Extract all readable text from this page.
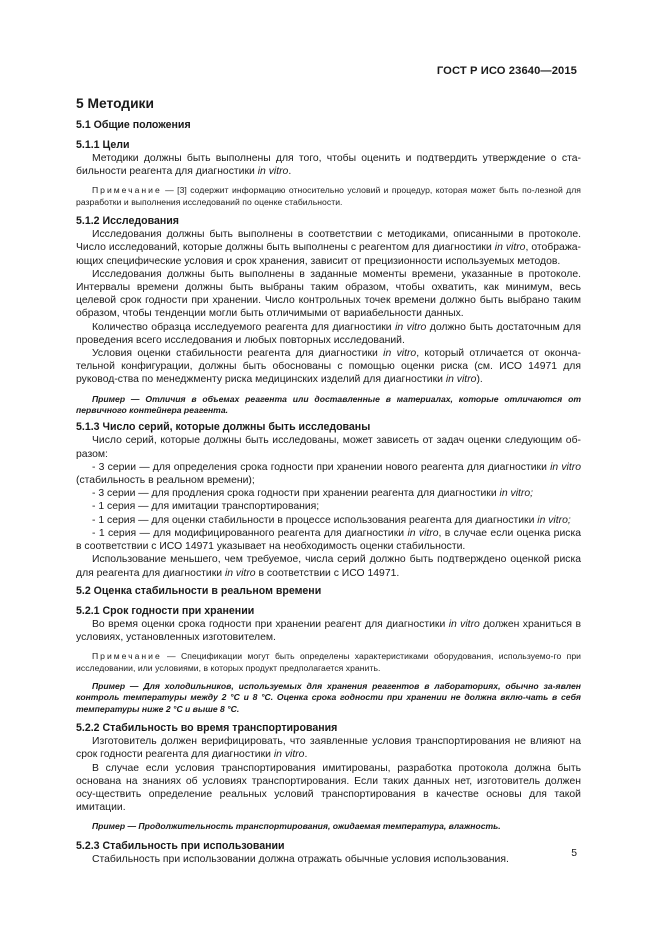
ГОСТ Р ИСО 23640—2015
5 Методики
5.1 Общие положения
5.1.1 Цели

Методики должны быть выполнены для того, чтобы оценить и подтвердить утверждение о ста-бильности реагента для диагностики in vitro.

Примечание — [3] содержит информацию относительно условий и процедур, которая может быть по-лезной для разработки и выполнения исследований по оценке стабильности.

5.1.2 Исследования

Исследования должны быть выполнены в соответствии с методиками, описанными в протоколе. Число исследований, которые должны быть выполнены с реагентом для диагностики in vitro, отобража-ющих специфические условия и срок хранения, зависит от прецизионности используемых методов.

Исследования должны быть выполнены в заданные моменты времени, указанные в протоколе. Интервалы времени должны быть выбраны таким образом, чтобы охватить, как минимум, весь целевой срок годности при хранении. Число контрольных точек времени должно быть выбрано таким образом, чтобы тенденции могли быть отличимыми от вариабельности данных.

Количество образца исследуемого реагента для диагностики in vitro должно быть достаточным для проведения всего исследования и любых повторных исследований.

Условия оценки стабильности реагента для диагностики in vitro, который отличается от оконча-тельной конфигурации, должны быть обоснованы с помощью оценки риска (см. ИСО 14971 для руковод-ства по менеджменту риска медицинских изделий для диагностики in vitro).

Пример — Отличия в объемах реагента или доставленные в материалах, которые отличаются от первичного контейнера реагента.

5.1.3 Число серий, которые должны быть исследованы

Число серий, которые должны быть исследованы, может зависеть от задач оценки следующим об-разом:

- 3 серии — для определения срока годности при хранении нового реагента для диагностики in vitro (стабильность в реальном времени);

- 3 серии — для продления срока годности при хранении реагента для диагностики in vitro;

- 1 серия — для имитации транспортирования;

- 1 серия — для оценки стабильности в процессе использования реагента для диагностики in vitro;

- 1 серия — для модифицированного реагента для диагностики in vitro, в случае если оценка риска в соответствии с ИСО 14971 указывает на необходимость оценки стабильности.

Использование меньшего, чем требуемое, числа серий должно быть подтверждено оценкой риска для реагента для диагностики in vitro в соответствии с ИСО 14971.

5.2 Оценка стабильности в реальном времени
5.2.1 Срок годности при хранении

Во время оценки срока годности при хранении реагент для диагностики in vitro должен храниться в условиях, установленных изготовителем.

Примечание — Спецификации могут быть определены характеристиками оборудования, используемо-го при исследовании, или условиями, в которых продукт предполагается хранить.

Пример — Для холодильников, используемых для хранения реагентов в лабораториях, обычно за-явлен контроль температуры между 2 °С и 8 °С. Оценка срока годности при хранении не должна вклю-чать в себя температуры ниже 2 °С и выше 8 °С.

5.2.2 Стабильность во время транспортирования

Изготовитель должен верифицировать, что заявленные условия транспортирования не влияют на срок годности реагента для диагностики in vitro.

В случае если условия транспортирования имитированы, разработка протокола должна быть основана на знаниях об условиях транспортирования. Если таких данных нет, изготовитель должен осу-ществить определение реальных условий транспортирования в качестве основы для такой имитации.

Пример — Продолжительность транспортирования, ожидаемая температура, влажность.

5.2.3 Стабильность при использовании

Стабильность при использовании должна отражать обычные условия использования.

5
